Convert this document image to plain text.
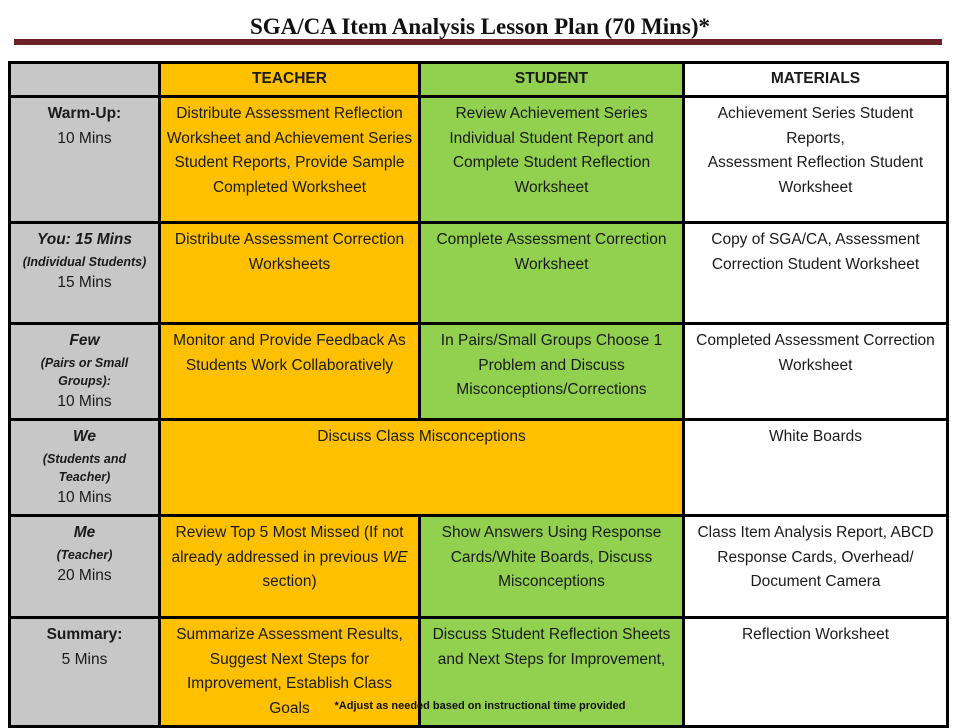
SGA/CA Item Analysis Lesson Plan (70 Mins)*
	TEACHER	STUDENT	MATERIALS

Warm-Up:
10 Mins	Distribute Assessment Reflection Worksheet and Achievement Series Student Reports, Provide Sample Completed Worksheet	Review Achievement Series Individual Student Report and Complete Student Reflection Worksheet	Achievement Series Student Reports,
Assessment Reflection Student Worksheet

You: 15 Mins
(Individual Students)
15 Mins	Distribute Assessment Correction Worksheets	Complete Assessment Correction Worksheet	Copy of SGA/CA, Assessment Correction Student Worksheet

Few
(Pairs or Small Groups):
10 Mins	Monitor and Provide Feedback As Students Work Collaboratively	In Pairs/Small Groups Choose 1 Problem and Discuss Misconceptions/Corrections	Completed Assessment Correction Worksheet

We
(Students and Teacher)
10 Mins	Discuss Class Misconceptions		White Boards

Me
(Teacher)
20 Mins	Review Top 5 Most Missed (If not already addressed in previous WE section)	Show Answers Using Response Cards/White Boards, Discuss Misconceptions	Class Item Analysis Report, ABCD Response Cards, Overhead/ Document Camera

Summary:
5 Mins	Summarize Assessment Results, Suggest Next Steps for Improvement, Establish Class Goals	Discuss Student Reflection Sheets and Next Steps for Improvement,	Reflection Worksheet
*Adjust as needed based on instructional time provided
